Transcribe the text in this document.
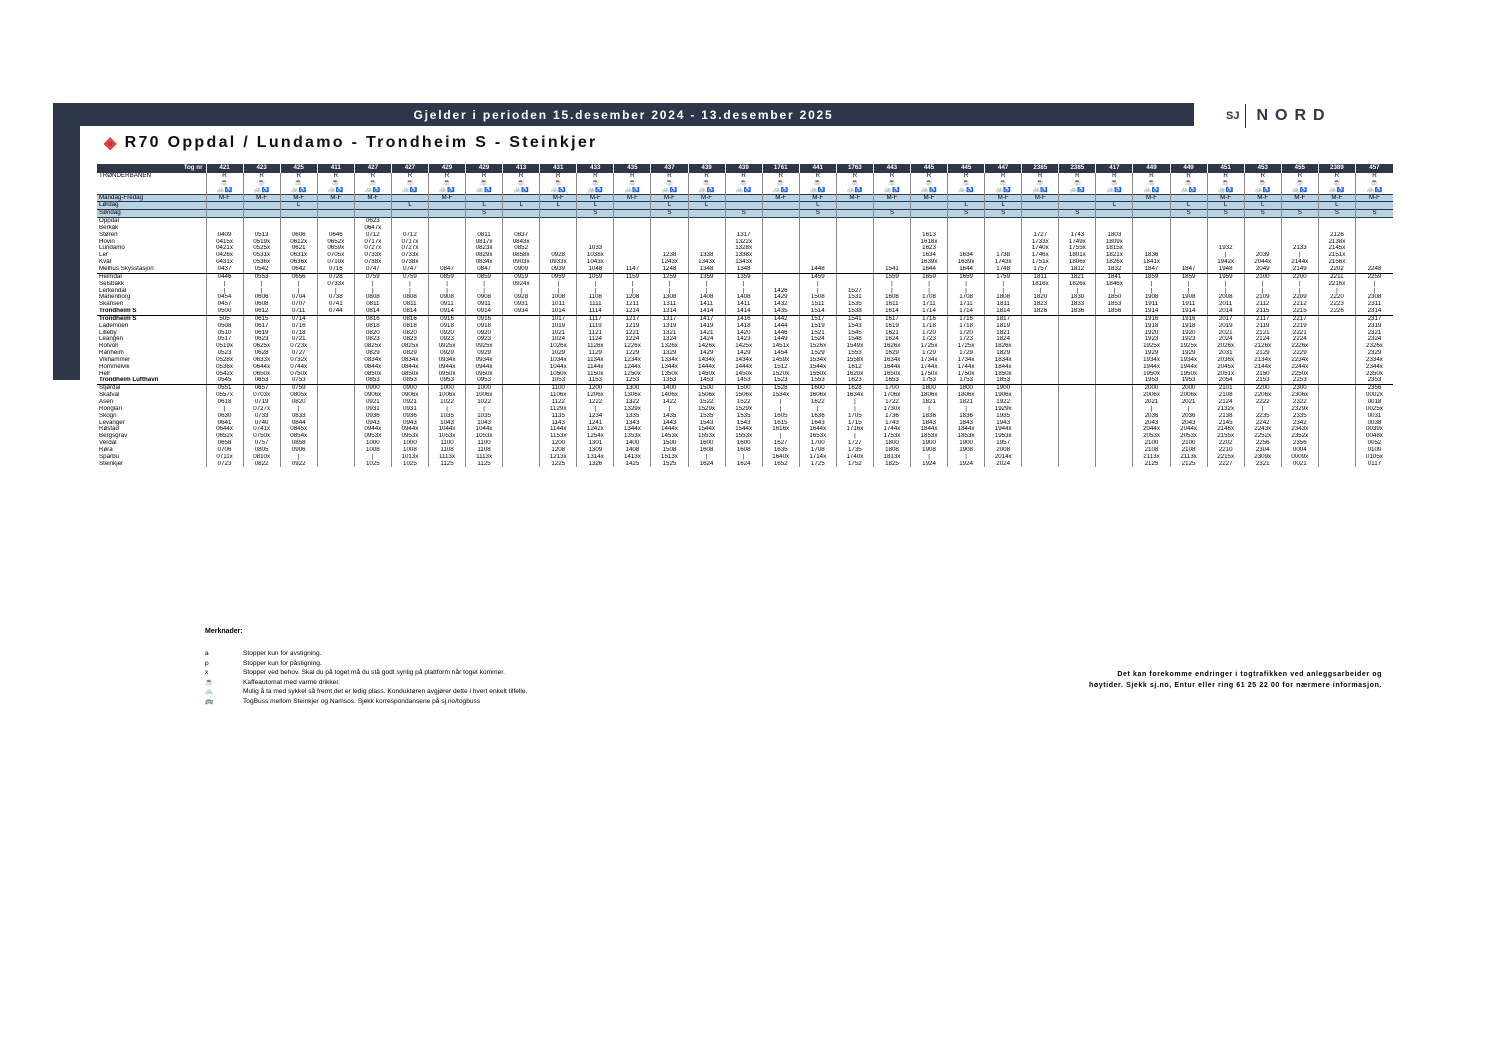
Gjelder i perioden 15.desember 2024 - 13.desember 2025	SJ NORD
◈ R70 Oppdal / Lundamo - Trondheim S - Steinkjer
Tog nr	421	423	425	411	427	427	429	429	413	431	433	435	437	439	439	1761	441	1763	443	445	445	447	2385	2385	417	449	449	451	453	455	2389	457
TRØNDERBANEN	R	R	R	R	R	R	R	R	R	R	R	R	R	R	R	R	R	R	R	R	R	R	R	R	R	R	R	R	R	R	R	R
	☕	☕	☕	☕	☕	☕	☕	☕	☕	☕	☕	☕	☕	☕	☕	☕	☕	☕	☕	☕	☕	☕	☕	☕	☕	☕	☕	☕	☕	☕	☕	☕
	🚲♿	🚲♿	🚲♿	🚲♿	🚲♿	🚲♿	🚲♿	🚲♿	🚲♿	🚲♿	🚲♿	🚲♿	🚲♿	🚲♿	🚲♿	🚲♿	🚲♿	🚲♿	🚲♿	🚲♿	🚲♿	🚲♿	🚲♿	🚲♿	🚲♿	🚲♿	🚲♿	🚲♿	🚲♿	🚲♿	🚲♿	🚲♿
Mandag-Fredag	M-F	M-F	M-F	M-F	M-F		M-F			M-F	M-F	M-F	M-F	M-F		M-F	M-F	M-F	M-F	M-F		M-F	M-F			M-F		M-F	M-F	M-F	M-F	M-F
Lørdag			L			L		L	L	L	L		L	L			L				L	L			L		L	L	L		L	
Søndag								S			S		S		S		S		S		S	S		S			S	S	S	S	S	S
Oppdal					0623																											
Berkåk					0647x																											
Støren	0409	0513	0606	0646	0712	0712		0811	0837						1317					1613			1727	1743	1803						2126	
Hovin	0415x	0519x	0612x	0652x	0717x	0717x		0817x	0843x						1322x					1618x			1733x	1749x	1809x						2138x	
Lundamo	0421x	0525x	0621	0659x	0727x	0727x		0823x	0852		1033				1328x					1623			1740x	1755x	1815x			1932		2133	2145x	
Ler	0426x	0531x	0631x	0705x	0733x	0733x		0829x	0858x	0928	1038x		1238	1338	1338x					1634	1634	1738	1746x	1801x	1821x	1836		|	2039	|	2151x	
Kvål	0431x	0536x	0636x	0710x	0738x	0738x		0834x	0903x	0933x	1043x		1243x	1343x	1343x					1639x	1639x	1743x	1751x	1806x	1826x	1841x		1942x	2044x	2144x	2156x	
Melhus Skysstasjon	0437	0542	0642	0716	0747	0747	0847	0847	0909	0939	1048	1147	1248	1348	1348		1448		1541	1644	1644	1748	1757	1812	1832	1847	1847	1948	2049	2149	2202	2248
Heimdal	0446	0553	0656	0728	0759	0759	0859	0859	0919	0959	1059	1159	1259	1359	1359		1459		1559	1659	1659	1759	1811	1821	1841	1859	1859	1959	2100	2200	2211	2259
Selsbakk	|	|	|	0733x	|	|	|	|	0924x	|	|	|	|	|	|		|		|	|	|	|	1816x	1826x	1846x	|	|	|	|	|	2216x	|
Lerkendal	|	|	|	|	|	|	|	|	|	|	|	|	|	|	|	1426	|	1527	|	|	|	|	|	|	|	|	|	|	|	|	|	|
Marienborg	0454	0606	0704	0738	0808	0808	0908	0908	0928	1008	1108	1208	1308	1408	1408	1429	1508	1531	1608	1708	1708	1808	1820	1830	1850	1908	1908	2008	2109	2209	2220	2308
Skansen	0457	0608	0707	0741	0811	0811	0911	0911	0931	1011	1111	1211	1311	1411	1411	1432	1511	1535	1611	1711	1711	1811	1823	1833	1853	1911	1911	2011	2112	2212	2223	2311
Trondheim S	0500	0612	0711	0744	0814	0814	0914	0914	0934	1014	1114	1214	1314	1414	1414	1435	1514	1538	1614	1714	1714	1814	1826	1836	1856	1914	1914	2014	2115	2215	2226	2314
Trondheim S	505	0615	0714		0816	0816	0916	0916		1017	1117	1217	1317	1417	1416	1442	1517	1541	1617	1716	1716	1817				1916	1916	2017	2117	2217		2317
Lademoen	0508	0617	0716		0818	0818	0918	0918		1019	1119	1219	1319	1419	1418	1444	1519	1543	1619	1718	1718	1819				1918	1918	2019	2119	2219		2319
Lilleby	0510	0619	0718		0820	0820	0920	0920		1021	1121	1221	1321	1421	1420	1446	1521	1545	1621	1720	1720	1821				1920	1920	2021	2121	2221		2321
Leangen	0517	0623	0721		0823	0823	0923	0923		1024	1124	1224	1324	1424	1423	1449	1524	1548	1624	1723	1723	1824				1923	1923	2024	2124	2224		2324
Rotvoll	0519x	0625x	0723x		0825x	0825x	0925x	0925x		1026x	1126x	1226x	1326x	1426x	1425x	1451x	1526x	1549x	1626x	1725x	1725x	1826x				1925x	1925x	2026x	2126x	2226x		2326x
Ranheim	0523	0628	0727		0829	0829	0929	0929		1029	1129	1229	1329	1429	1429	1454	1529	1553	1629	1729	1729	1829				1929	1929	2031	2129	2229		2329
Vikhammer	0528x	0633x	0732x		0834x	0834x	0934x	0934x		1034x	1134x	1234x	1334x	1434x	1434x	1459x	1534x	1558x	1634x	1734x	1734x	1834x				1934x	1934x	2036x	2134x	2234x		2334x
Hommelvik	0536x	0644x	0744x		0844x	0844x	0944x	0944x		1044x	1144x	1244x	1344x	1444x	1444x	1512	1544x	1612	1644x	1744x	1744x	1844x				1944x	1944x	2045x	2144x	2244x		2344x
Hell	0542x	0650x	0750x		0850x	0850x	0950x	0950x		1050x	1150x	1250x	1350x	1450x	1450x	1520x	1550x	1620x	1650x	1750x	1750x	1850x				1950x	1950x	2051x	2150	2250x		2350x
Trondheim Lufthavn	0545	0653	0753		0853	0853	0953	0953		1053	1153	1253	1353	1453	1453	1523	1553	1623	1653	1753	1753	1853				1953	1953	2054	2153	2253		2353
Stjørdal	0551	0657	0759		0900	0900	1000	1000		1100	1200	1300	1400	1500	1500	1528	1600	1628	1700	1800	1800	1900				2000	2000	2101	2200	2300		2356
Skatval	0557x	0703x	0805x		0906x	0906x	1006x	1006x		1106x	1206x	1306x	1406x	1506x	1506x	1534x	1606x	1634x	1706x	1806x	1806x	1906x				2006x	2006x	2108	2206x	2306x		0002x
Åsen	0618	0719	0820		0921	0921	1022	1022		1122	1222	1322	1422	1522	1522	|	1622	|	1722	1821	1821	1922				2021	2021	2124	2222	2322		0018
Ronglan	|	0727x	|		0931	0931	|	|		1129x	|	1329x	|	1529x	1529x	|	|	|	1730x	|	|	1929x				|	|	2132x	|	2329x		0025x
Skogn	0630	0733	0833		0936	0936	1035	1035		1135	1234	1335	1435	1535	1535	1605	1636	1705	1736	1836	1836	1935				2036	2036	2138	2235	2335		0031
Levanger	0641	0740	0844		0943	0943	1043	1043		1143	1241	1343	1443	1543	1543	1615	1643	1715	1743	1843	1843	1943				2043	2043	2145	2242	2342		0038
Røstad	0644x	0741x	0845x		0944x	0944x	1044x	1044x		1144x	1242x	1344x	1444x	1544x	1544x	1616x	1644x	1716x	1744x	1844x	1844x	1944x				2044x	2044x	2146x	2243x	2343x		0039x
Bergsgrav	0652x	0750x	0854x		0953x	0953x	1053x	1053x		1153x	1254x	1353x	1453x	1553x	1553x	|	1653x	|	1753x	1853x	1853x	1953x				2053x	2053x	2155x	2252x	2352x		0048x
Verdal	0658	0757	0858		1000	1000	1100	1100		1200	1301	1400	1500	1600	1600	1627	1700	1727	1800	1900	1900	1957				2100	2100	2202	2256	2356		0052
Røra	0706	0805	0906		1008	1008	1108	1108		1208	1309	1408	1508	1608	1608	1635	1708	1735	1808	1908	1908	2008				2108	2108	2210	2304	0004		0100
Sparbu	0711x	0810x	|		|	1013x	1113x	1113x		1213x	1314x	1413x	1513x	|	|	1640x	1714x	1740x	1813x	|	|	2014x				2113x	2113x	2215x	2309x	0009x		0105x
Steinkjer	0723	0822	0922		1025	1025	1125	1125		1225	1326	1425	1525	1624	1624	1652	1725	1752	1825	1924	1924	2024				2125	2125	2227	2321	0021		0117
Merknader:
a	Stopper kun for avstigning.
p	Stopper kun for påstigning.
x	Stopper ved behov. Skal du på toget må du stå godt synlig på plattform når toget kommer.
☕	Kaffeautomat med varme drikker.
🚲	Mulig å ta med sykkel så fremt det er ledig plass. Konduktøren avgjører dette i hvert enkelt tilfelle.
🚌	TogBuss mellom Steinkjer og Namsos. Sjekk korrespondansene på sj.no/togbuss
Det kan forekomme endringer i togtrafikken ved anleggsarbeider og
høytider. Sjekk sj.no, Entur eller ring 61 25 22 00 for nærmere informasjon.
